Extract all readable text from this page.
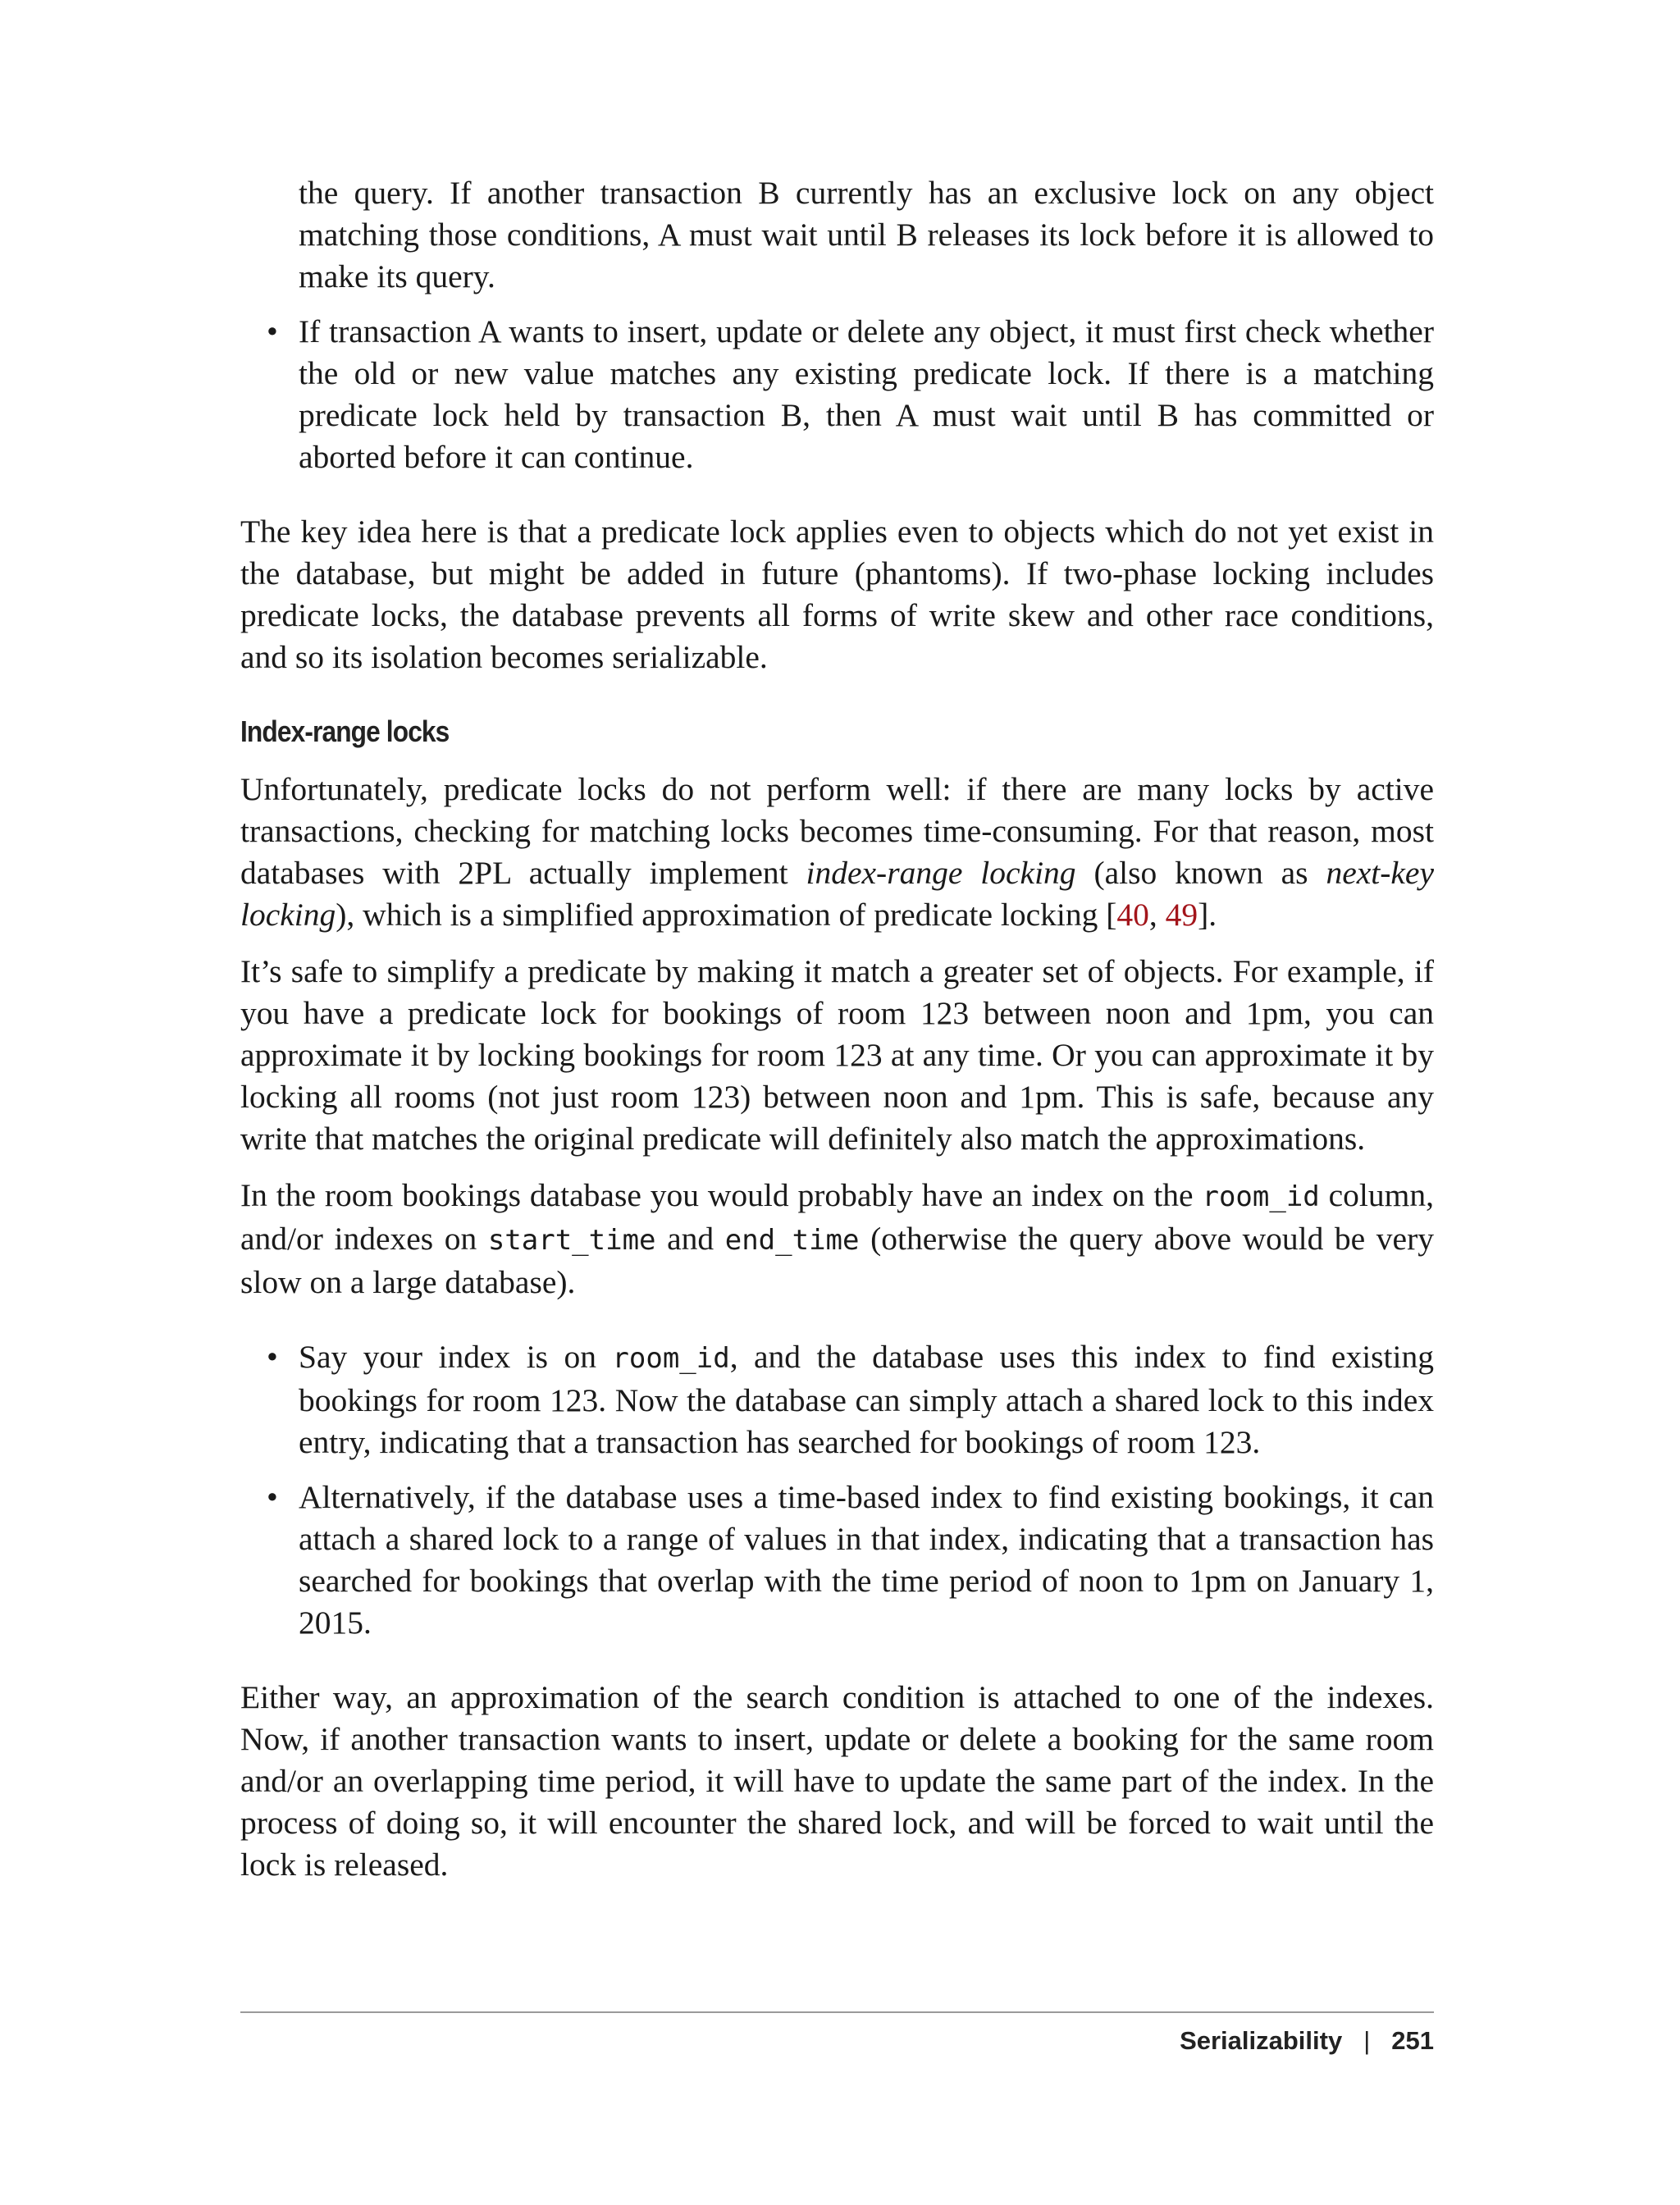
the query. If another transaction B currently has an exclusive lock on any object matching those conditions, A must wait until B releases its lock before it is allowed to make its query.

• If transaction A wants to insert, update or delete any object, it must first check whether the old or new value matches any existing predicate lock. If there is a matching predicate lock held by transaction B, then A must wait until B has committed or aborted before it can continue.

The key idea here is that a predicate lock applies even to objects which do not yet exist in the database, but might be added in future (phantoms). If two-phase locking includes predicate locks, the database prevents all forms of write skew and other race conditions, and so its isolation becomes serializable.

Index-range locks

Unfortunately, predicate locks do not perform well: if there are many locks by active transactions, checking for matching locks becomes time-consuming. For that reason, most databases with 2PL actually implement index-range locking (also known as next-key locking), which is a simplified approximation of predicate locking [40, 49].

It’s safe to simplify a predicate by making it match a greater set of objects. For example, if you have a predicate lock for bookings of room 123 between noon and 1pm, you can approximate it by locking bookings for room 123 at any time. Or you can approximate it by locking all rooms (not just room 123) between noon and 1pm. This is safe, because any write that matches the original predicate will definitely also match the approximations.

In the room bookings database you would probably have an index on the room_id column, and/or indexes on start_time and end_time (otherwise the query above would be very slow on a large database).

• Say your index is on room_id, and the database uses this index to find existing bookings for room 123. Now the database can simply attach a shared lock to this index entry, indicating that a transaction has searched for bookings of room 123.
• Alternatively, if the database uses a time-based index to find existing bookings, it can attach a shared lock to a range of values in that index, indicating that a transaction has searched for bookings that overlap with the time period of noon to 1pm on January 1, 2015.

Either way, an approximation of the search condition is attached to one of the indexes. Now, if another transaction wants to insert, update or delete a booking for the same room and/or an overlapping time period, it will have to update the same part of the index. In the process of doing so, it will encounter the shared lock, and will be forced to wait until the lock is released.

Serializability | 251
